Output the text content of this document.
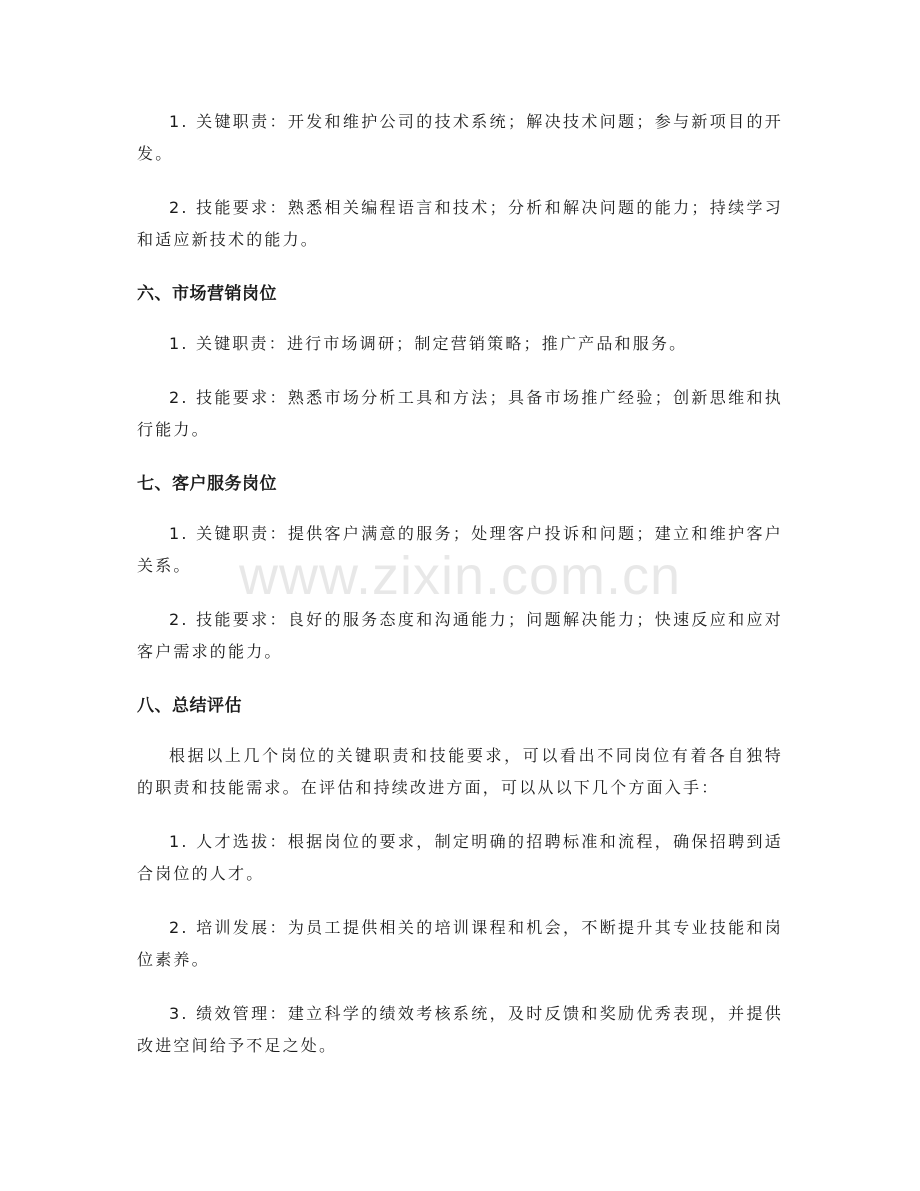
1. 关键职责：开发和维护公司的技术系统；解决技术问题；参与新项目的开发。

2. 技能要求：熟悉相关编程语言和技术；分析和解决问题的能力；持续学习和适应新技术的能力。

六、市场营销岗位

1. 关键职责：进行市场调研；制定营销策略；推广产品和服务。

2. 技能要求：熟悉市场分析工具和方法；具备市场推广经验；创新思维和执行能力。

七、客户服务岗位

1. 关键职责：提供客户满意的服务；处理客户投诉和问题；建立和维护客户关系。

2. 技能要求：良好的服务态度和沟通能力；问题解决能力；快速反应和应对客户需求的能力。

八、总结评估

根据以上几个岗位的关键职责和技能要求，可以看出不同岗位有着各自独特的职责和技能需求。在评估和持续改进方面，可以从以下几个方面入手：

1. 人才选拔：根据岗位的要求，制定明确的招聘标准和流程，确保招聘到适合岗位的人才。

2. 培训发展：为员工提供相关的培训课程和机会，不断提升其专业技能和岗位素养。

3. 绩效管理：建立科学的绩效考核系统，及时反馈和奖励优秀表现，并提供改进空间给予不足之处。

www.zixin.com.cn
